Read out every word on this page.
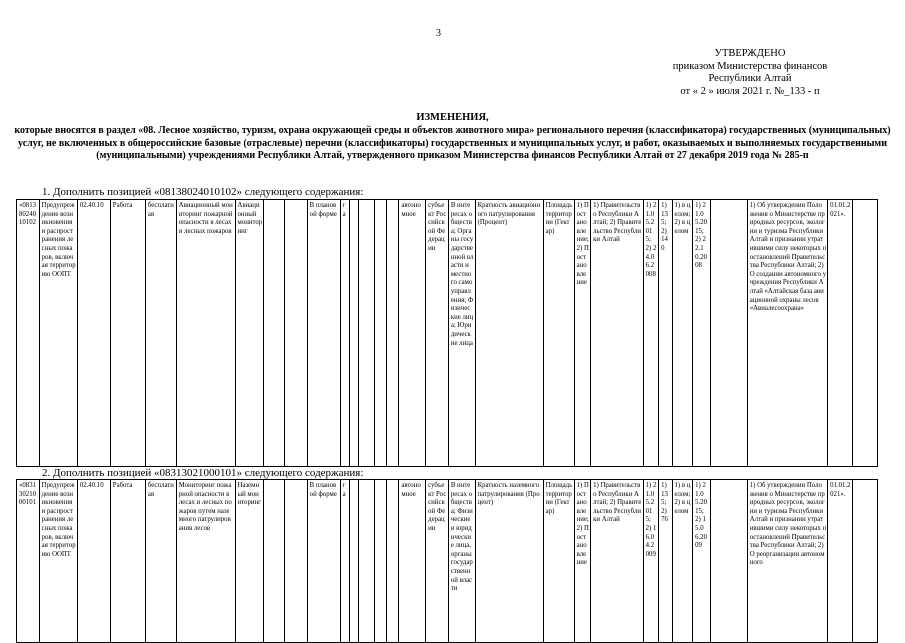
3
УТВЕРЖДЕНО
приказом Министерства финансов
Республики Алтай
от « 2 » июля 2021 г. №_133 - п
ИЗМЕНЕНИЯ,
которые вносятся в раздел «08. Лесное хозяйство, туризм, охрана окружающей среды и объектов животного мира» регионального перечня (классификатора) государственных (муниципальных) услуг, не включенных в общероссийские базовые (отраслевые) перечни (классификаторы) государственных и муниципальных услуг, и работ, оказываемых и выполняемых государственными (муниципальными) учреждениями Республики Алтай, утвержденного приказом Министерства финансов Республики Алтай от 27 декабря 2019 года № 285-п
1. Дополнить позицией «08138024010102» следующего содержания:
«08138024010102	Предупреждение возникновения и распространения лесных пожаров, включая территорию ООПТ	02.40.10	Работа	бесплатная	Авиационный мониторинг пожарной опасности в лесах и лесных пожаров	Авиационный мониторинг			В плановой форме	га					автономное	субъект Российской Федерации	В интересах общества; Органы государственной власти и местного самоуправления; Физические лица; Юридические лица	Кратность авиационного патрулирования (Процент)	Площадь территории (Гектар)	1) Постановление; 2) Постановление	1) Правительство Республики Алтай; 2) Правительство Республики Алтай	1) 21.05.2015; 2) 24.06.2008	1) 135; 2) 140	1) в целом; 2) в целом	1) 21.05.2015; 2) 22.10.2008		1) Об утверждении Положения о Министерстве природных ресурсов, экологии и туризма Республики Алтай и признании утратившими силу некоторых постановлений Правительства Республики Алтай; 2) О создании автономного учреждения Республики Алтай «Алтайская база авиационной охраны лесов «Авиалесоохрана»	01.01.2021».	
2. Дополнить позицией «08313021000101» следующего содержания:
«08313021000101	Предупреждение возникновения и распространения лесных пожаров, включая территорию ООПТ	02.40.10	Работа	бесплатная	Мониторинг пожарной опасности в лесах и лесных пожаров путем наземного патрулирования лесов	Наземный мониторинг			В плановой форме	га					автономное	субъект Российской Федерации	В интересах общества; Физические и юридические лица, органы государственной власти	Кратность наземного патрулирования (Процент)	Площадь территории (Гектар)	1) Постановление; 2) Постановление	1) Правительство Республики Алтай; 2) Правительство Республики Алтай	1) 21.05.2015; 2) 16.04.2009	1) 135; 2) 76	1) в целом; 2) в целом	1) 21.05.2015; 2) 15.06.2009		1) Об утверждении Положения о Министерстве природных ресурсов, экологии и туризма Республики Алтай и признании утратившими силу некоторых постановлений Правительства Республики Алтай; 2) О реорганизации автономного	01.01.2021».	
